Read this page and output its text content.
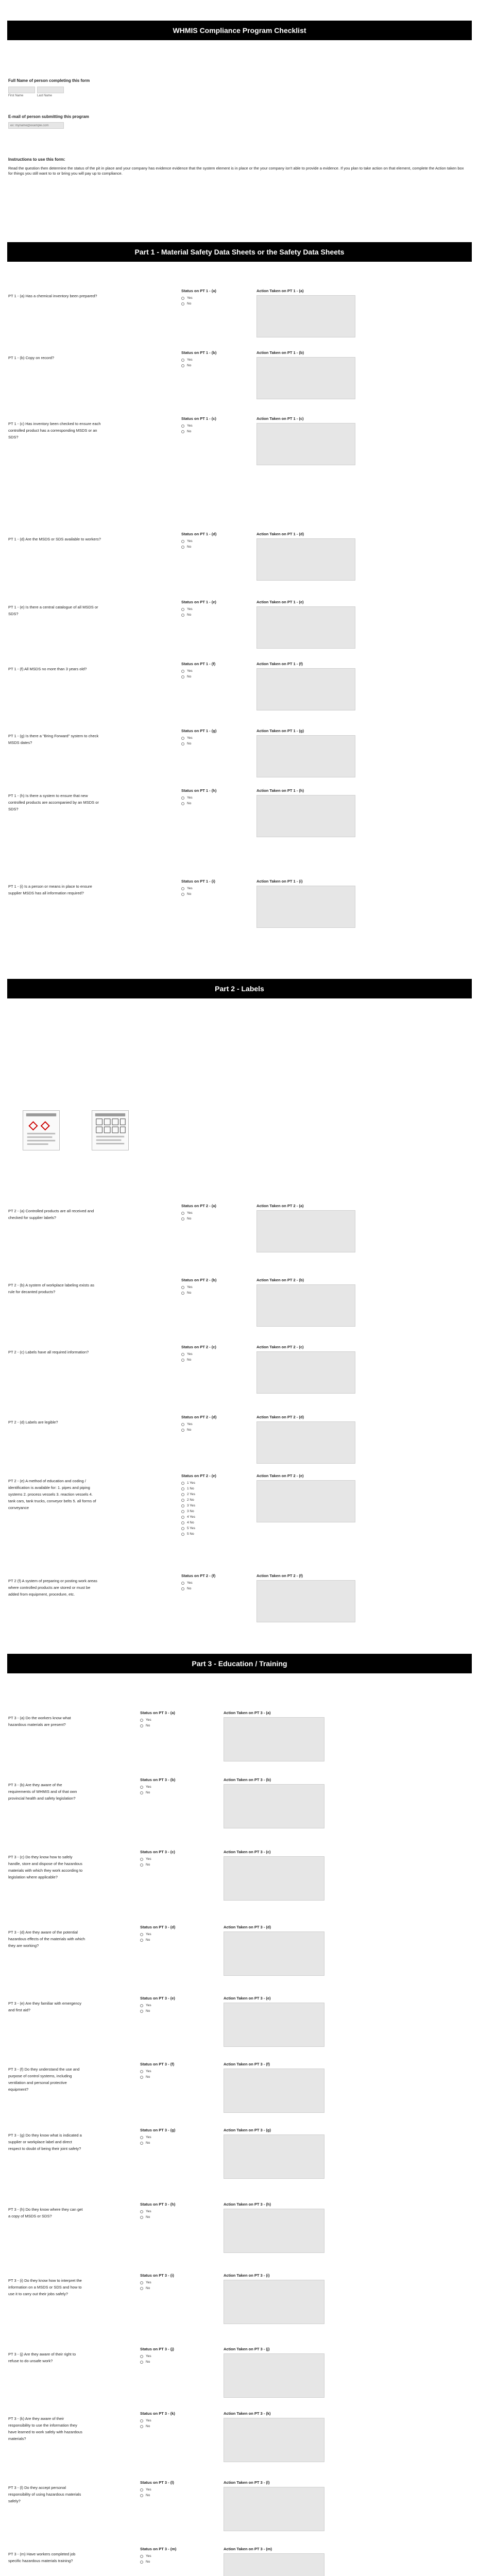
WHMIS Compliance Program Checklist
Full Name of person completing this form
First Name	Last Name
E-mail of person submitting this program
ex: myname@example.com
Instructions to use this form:
Read the question then determine the status of the pit in place and your company has evidence evidence that the system element is in place or the your company isn't able to provide a evidence. If you plan to take action on that element, complete the Action taken box for things you still want to to or bring you will pay up to compliance.
Part 1 - Material Safety Data Sheets or the Safety Data Sheets
PT 1 - (a) Has a chemical inventory been prepared?
Status on PT 1 - (a)
Yes
No
Action Taken on PT 1 - (a)
PT 1 - (b) Copy on record?
Status on PT 1 - (b)
Yes
No
Action Taken on PT 1 - (b)
PT 1 - (c) Has inventory been checked to ensure each controlled product has a corresponding MSDS or an SDS?
Status on PT 1 - (c)
Yes
No
Action Taken on PT 1 - (c)
PT 1 - (d) Are the MSDS or SDS available to workers?
Status on PT 1 - (d)
Yes
No
Action Taken on PT 1 - (d)
PT 1 - (e) Is there a central catalogue of all MSDS or SDS?
Status on PT 1 - (e)
Yes
No
Action Taken on PT 1 - (e)
PT 1 - (f) All MSDS no more than 3 years old?
Status on PT 1 - (f)
Yes
No
Action Taken on PT 1 - (f)
PT 1 - (g) Is there a "Bring Forward" system to check MSDS dates?
Status on PT 1 - (g)
Yes
No
Action Taken on PT 1 - (g)
PT 1 - (h) Is there a system to ensure that new controlled products are accompanied by an MSDS or SDS?
Status on PT 1 - (h)
Yes
No
Action Taken on PT 1 - (h)
PT 1 - (i) Is a person or means in place to ensure supplier MSDS has all information required?
Status on PT 1 - (i)
Yes
No
Action Taken on PT 1 - (i)
Part 2 - Labels
PT 2 - (a) Controlled products are all received and checked for supplier labels?
Status on PT 2 - (a)
Yes
No
Action Taken on PT 2 - (a)
PT 2 - (b) A system of workplace labeling exists as rule for decanted products?
Status on PT 2 - (b)
Yes
No
Action Taken on PT 2 - (b)
PT 2 - (c) Labels have all required information?
Status on PT 2 - (c)
Yes
No
Action Taken on PT 2 - (c)
PT 2 - (d) Labels are legible?
Status on PT 2 - (d)
Yes
No
Action Taken on PT 2 - (d)
PT 2 - (e) A method of education and coding / identification is available for: 1. pipes and piping systems 2. process vessels 3. reaction vessels 4. tank cars, tank trucks, conveyor belts 5. all forms of conveyance
Status on PT 2 - (e)
1 Yes
1 No
2 Yes
2 No
3 Yes
3 No
4 Yes
4 No
5 Yes
5 No
Action Taken on PT 2 - (e)
PT 2 (f) A system of preparing or posting work areas where controlled products are stored or must be added from equipment, procedure, etc.
Status on PT 2 - (f)
Yes
No
Action Taken on PT 2 - (f)
Part 3 - Education / Training
PT 3 - (a) Do the workers know what hazardous materials are present?
Status on PT 3 - (a)
Yes
No
Action Taken on PT 3 - (a)
PT 3 - (b) Are they aware of the requirements of WHMIS and of that own provincial health and safety legislation?
Status on PT 3 - (b)
Yes
No
Action Taken on PT 3 - (b)
PT 3 - (c) Do they know how to safely handle, store and dispose of the hazardous materials with which they work according to legislation where applicable?
Status on PT 3 - (c)
Yes
No
Action Taken on PT 3 - (c)
PT 3 - (d) Are they aware of the potential hazardous effects of the materials with which they are working?
Status on PT 3 - (d)
Yes
No
Action Taken on PT 3 - (d)
PT 3 - (e) Are they familiar with emergency and first aid?
Status on PT 3 - (e)
Yes
No
Action Taken on PT 3 - (e)
PT 3 - (f) Do they understand the use and purpose of control systems, including ventilation and personal protective equipment?
Status on PT 3 - (f)
Yes
No
Action Taken on PT 3 - (f)
PT 3 - (g) Do they know what is indicated a supplier or workplace label and direct respect to doubt of being their joint safety?
Status on PT 3 - (g)
Yes
No
Action Taken on PT 3 - (g)
PT 3 - (h) Do they know where they can get a copy of MSDS or SDS?
Status on PT 3 - (h)
Yes
No
Action Taken on PT 3 - (h)
PT 3 - (i) Do they know how to interpret the information on a MSDS or SDS and how to use it to carry out their jobs safely?
Status on PT 3 - (i)
Yes
No
Action Taken on PT 3 - (i)
PT 3 - (j) Are they aware of their right to refuse to do unsafe work?
Status on PT 3 - (j)
Yes
No
Action Taken on PT 3 - (j)
PT 3 - (k) Are they aware of their responsibility to use the information they have learned to work safely with hazardous materials?
Status on PT 3 - (k)
Yes
No
Action Taken on PT 3 - (k)
PT 3 - (l) Do they accept personal responsibility of using hazardous materials safely?
Status on PT 3 - (l)
Yes
No
Action Taken on PT 3 - (l)
PT 3 - (m) Have workers completed job specific hazardous materials training?
Status on PT 3 - (m)
Yes
No
Action Taken on PT 3 - (m)
